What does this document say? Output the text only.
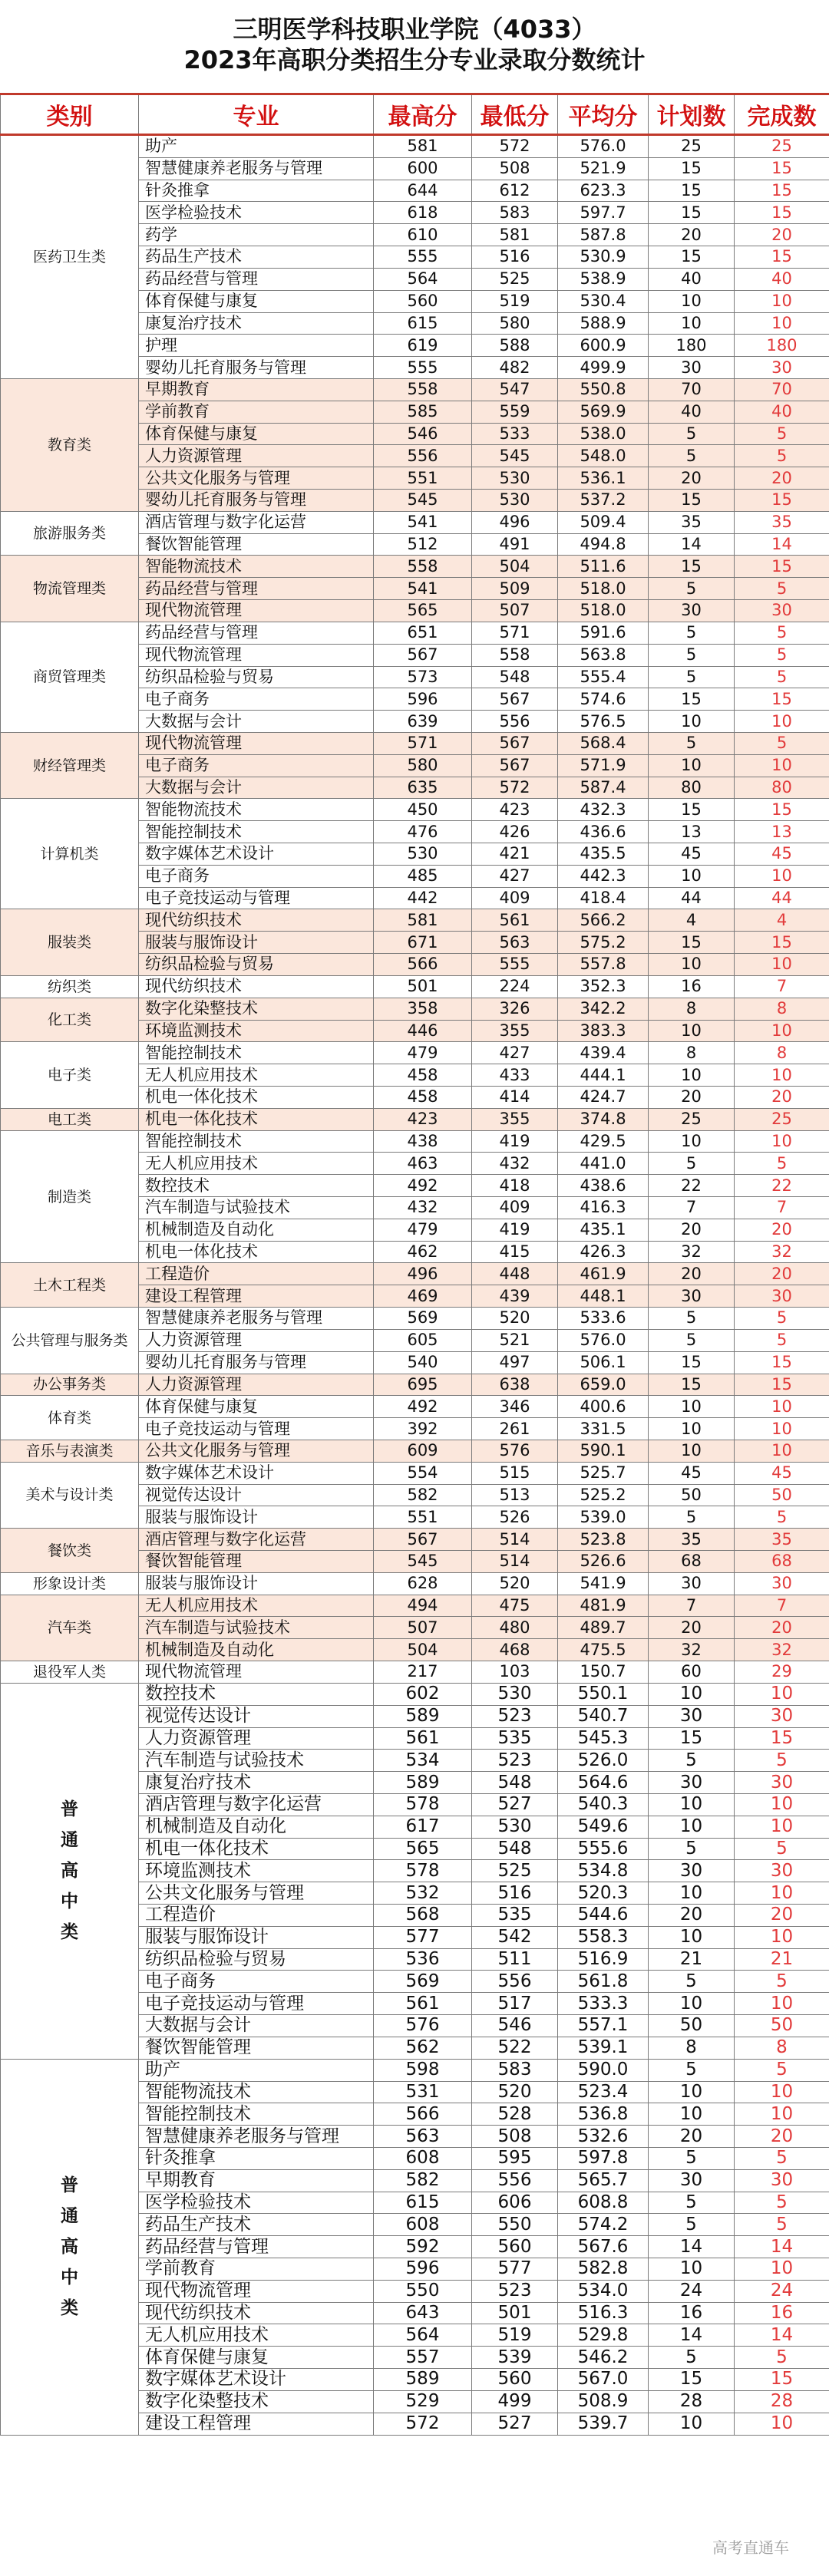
三明医学科技职业学院（4033）
2023年高职分类招生分专业录取分数统计
类别	专业	最高分	最低分	平均分	计划数	完成数

医药卫生类	助产	581	572	576.0	25	25
	智慧健康养老服务与管理	600	508	521.9	15	15
	针灸推拿	644	612	623.3	15	15
	医学检验技术	618	583	597.7	15	15
	药学	610	581	587.8	20	20
	药品生产技术	555	516	530.9	15	15
	药品经营与管理	564	525	538.9	40	40
	体育保健与康复	560	519	530.4	10	10
	康复治疗技术	615	580	588.9	10	10
	护理	619	588	600.9	180	180
	婴幼儿托育服务与管理	555	482	499.9	30	30

教育类	早期教育	558	547	550.8	70	70
	学前教育	585	559	569.9	40	40
	体育保健与康复	546	533	538.0	5	5
	人力资源管理	556	545	548.0	5	5
	公共文化服务与管理	551	530	536.1	20	20
	婴幼儿托育服务与管理	545	530	537.2	15	15

旅游服务类	酒店管理与数字化运营	541	496	509.4	35	35
	餐饮智能管理	512	491	494.8	14	14

物流管理类	智能物流技术	558	504	511.6	15	15
	药品经营与管理	541	509	518.0	5	5
	现代物流管理	565	507	518.0	30	30

商贸管理类	药品经营与管理	651	571	591.6	5	5
	现代物流管理	567	558	563.8	5	5
	纺织品检验与贸易	573	548	555.4	5	5
	电子商务	596	567	574.6	15	15
	大数据与会计	639	556	576.5	10	10

财经管理类	现代物流管理	571	567	568.4	5	5
	电子商务	580	567	571.9	10	10
	大数据与会计	635	572	587.4	80	80

计算机类	智能物流技术	450	423	432.3	15	15
	智能控制技术	476	426	436.6	13	13
	数字媒体艺术设计	530	421	435.5	45	45
	电子商务	485	427	442.3	10	10
	电子竞技运动与管理	442	409	418.4	44	44

服装类	现代纺织技术	581	561	566.2	4	4
	服装与服饰设计	671	563	575.2	15	15
	纺织品检验与贸易	566	555	557.8	10	10

纺织类	现代纺织技术	501	224	352.3	16	7

化工类	数字化染整技术	358	326	342.2	8	8
	环境监测技术	446	355	383.3	10	10

电子类	智能控制技术	479	427	439.4	8	8
	无人机应用技术	458	433	444.1	10	10
	机电一体化技术	458	414	424.7	20	20

电工类	机电一体化技术	423	355	374.8	25	25

制造类	智能控制技术	438	419	429.5	10	10
	无人机应用技术	463	432	441.0	5	5
	数控技术	492	418	438.6	22	22
	汽车制造与试验技术	432	409	416.3	7	7
	机械制造及自动化	479	419	435.1	20	20
	机电一体化技术	462	415	426.3	32	32

土木工程类	工程造价	496	448	461.9	20	20
	建设工程管理	469	439	448.1	30	30

公共管理与服务类	智慧健康养老服务与管理	569	520	533.6	5	5
	人力资源管理	605	521	576.0	5	5
	婴幼儿托育服务与管理	540	497	506.1	15	15

办公事务类	人力资源管理	695	638	659.0	15	15

体育类	体育保健与康复	492	346	400.6	10	10
	电子竞技运动与管理	392	261	331.5	10	10

音乐与表演类	公共文化服务与管理	609	576	590.1	10	10

美术与设计类	数字媒体艺术设计	554	515	525.7	45	45
	视觉传达设计	582	513	525.2	50	50
	服装与服饰设计	551	526	539.0	5	5

餐饮类	酒店管理与数字化运营	567	514	523.8	35	35
	餐饮智能管理	545	514	526.6	68	68

形象设计类	服装与服饰设计	628	520	541.9	30	30

汽车类	无人机应用技术	494	475	481.9	7	7
	汽车制造与试验技术	507	480	489.7	20	20
	机械制造及自动化	504	468	475.5	32	32

退役军人类	现代物流管理	217	103	150.7	60	29

普通高中类	数控技术	602	530	550.1	10	10
	视觉传达设计	589	523	540.7	30	30
	人力资源管理	561	535	545.3	15	15
	汽车制造与试验技术	534	523	526.0	5	5
	康复治疗技术	589	548	564.6	30	30
	酒店管理与数字化运营	578	527	540.3	10	10
	机械制造及自动化	617	530	549.6	10	10
	机电一体化技术	565	548	555.6	5	5
	环境监测技术	578	525	534.8	30	30
	公共文化服务与管理	532	516	520.3	10	10
	工程造价	568	535	544.6	20	20
	服装与服饰设计	577	542	558.3	10	10
	纺织品检验与贸易	536	511	516.9	21	21
	电子商务	569	556	561.8	5	5
	电子竞技运动与管理	561	517	533.3	10	10
	大数据与会计	576	546	557.1	50	50
	餐饮智能管理	562	522	539.1	8	8

普通高中类	助产	598	583	590.0	5	5
	智能物流技术	531	520	523.4	10	10
	智能控制技术	566	528	536.8	10	10
	智慧健康养老服务与管理	563	508	532.6	20	20
	针灸推拿	608	595	597.8	5	5
	早期教育	582	556	565.7	30	30
	医学检验技术	615	606	608.8	5	5
	药品生产技术	608	550	574.2	5	5
	药品经营与管理	592	560	567.6	14	14
	学前教育	596	577	582.8	10	10
	现代物流管理	550	523	534.0	24	24
	现代纺织技术	643	501	516.3	16	16
	无人机应用技术	564	519	529.8	14	14
	体育保健与康复	557	539	546.2	5	5
	数字媒体艺术设计	589	560	567.0	15	15
	数字化染整技术	529	499	508.9	28	28
	建设工程管理	572	527	539.7	10	10
高考直通车
